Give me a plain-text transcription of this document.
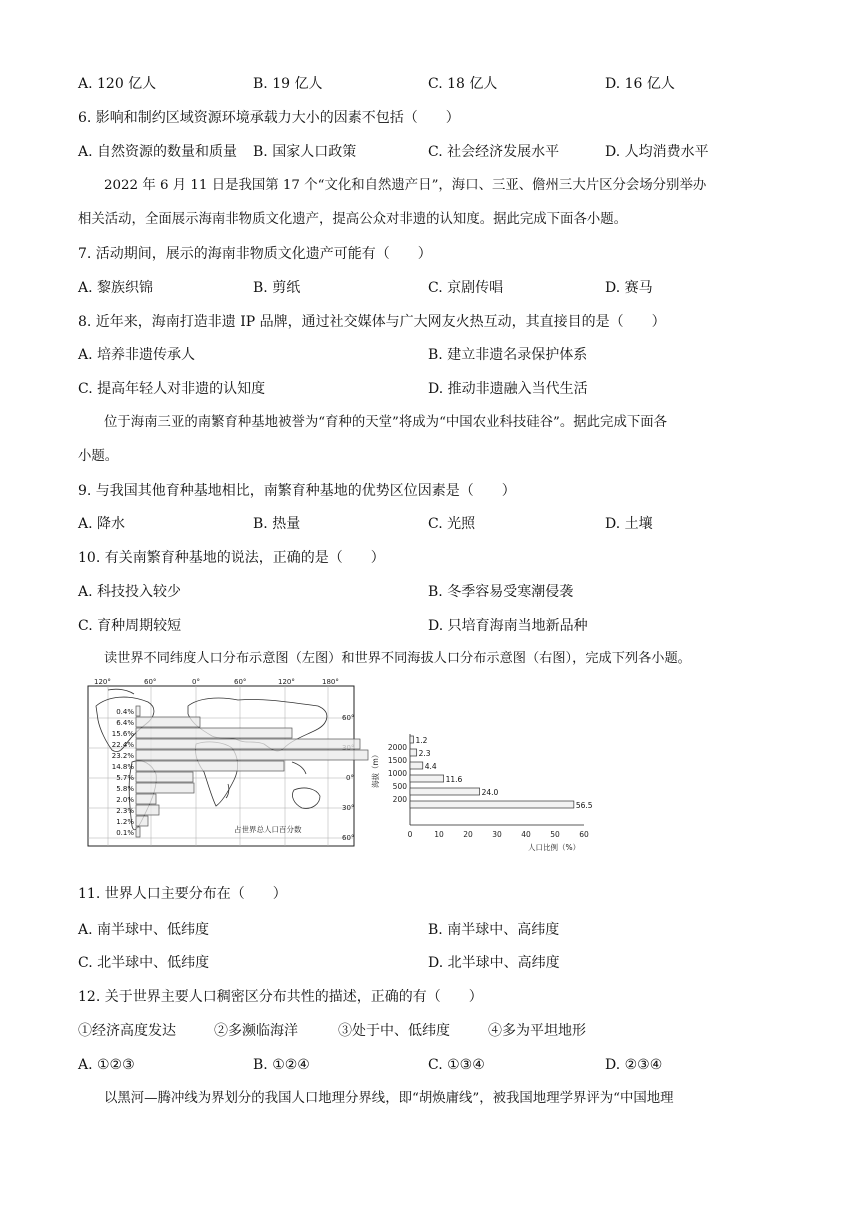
A. 120 亿人	B. 19 亿人	C. 18 亿人	D. 16 亿人
6. 影响和制约区域资源环境承载力大小的因素不包括（　　）
A. 自然资源的数量和质量 B. 国家人口政策	C. 社会经济发展水平	D. 人均消费水平
2022 年 6 月 11 日是我国第 17 个“文化和自然遗产日”，海口、三亚、儋州三大片区分会场分别举办
相关活动，全面展示海南非物质文化遗产，提高公众对非遗的认知度。据此完成下面各小题。
7. 活动期间，展示的海南非物质文化遗产可能有（　　）
A. 黎族织锦	B. 剪纸	C. 京剧传唱	D. 赛马
8. 近年来，海南打造非遗 IP 品牌，通过社交媒体与广大网友火热互动，其直接目的是（　　）
A. 培养非遗传承人	B. 建立非遗名录保护体系
C. 提高年轻人对非遗的认知度	D. 推动非遗融入当代生活
位于海南三亚的南繁育种基地被誉为“育种的天堂”将成为“中国农业科技硅谷”。据此完成下面各
小题。
9. 与我国其他育种基地相比，南繁育种基地的优势区位因素是（　　）
A. 降水	B. 热量	C. 光照	D. 土壤
10. 有关南繁育种基地的说法，正确的是（　　）
A. 科技投入较少	B. 冬季容易受寒潮侵袭
C. 育种周期较短	D. 只培育海南当地新品种
读世界不同纬度人口分布示意图（左图）和世界不同海拔人口分布示意图（右图），完成下列各小题。
120°	60°	0°	60°	120°	180°
60°
0°
30°
60°
0.4%
6.4%
15.6%
22.4%
23.2%
14.8%
5.7%
5.8%
2.0%
2.3%
1.2%
0.1%	占世界总人口百分数
海拔（m）
1.2
2.3
4.4
11.6
24.0
56.5
2000
1500
1000
500
200
0	10	20	30	40	50	60
人口比例（%）
11. 世界人口主要分布在（　　）
A. 南半球中、低纬度	B. 南半球中、高纬度
C. 北半球中、低纬度	D. 北半球中、高纬度
12. 关于世界主要人口稠密区分布共性的描述，正确的有（　　）
①经济高度发达	②多濒临海洋	③处于中、低纬度	④多为平坦地形
A. ①②③	B. ①②④	C. ①③④	D. ②③④
以黑河—腾冲线为界划分的我国人口地理分界线，即“胡焕庸线”，被我国地理学界评为“中国地理
